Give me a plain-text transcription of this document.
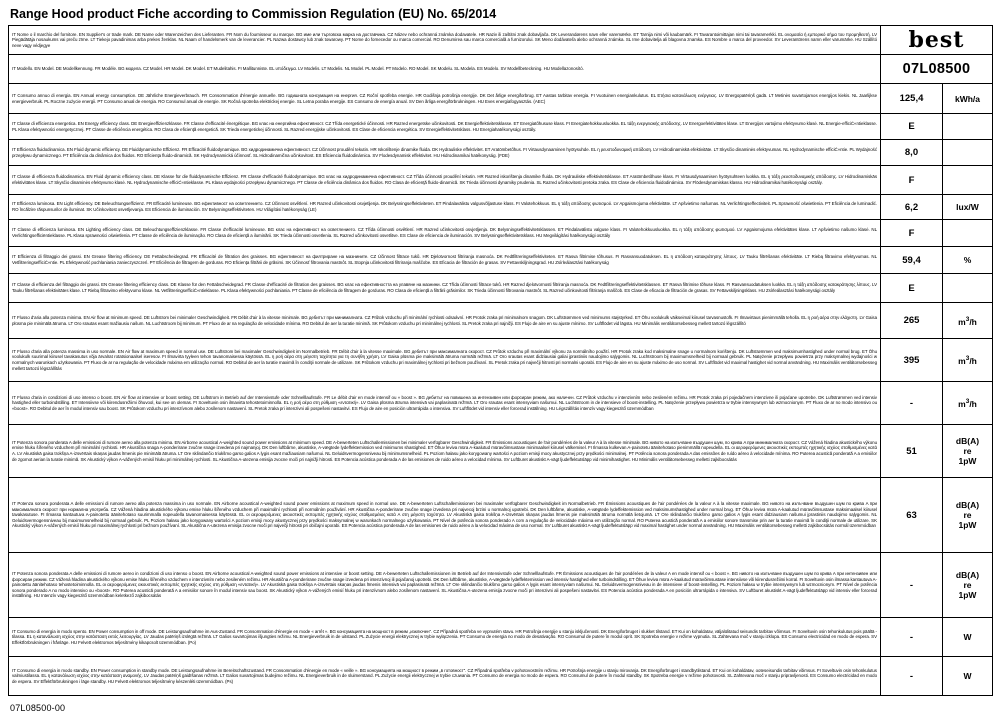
Range Hood product Fiche according to Commission Regulation (EU) No. 65/2014
IT Nome o il marchio del fornitore. EN Supplier's or trade mark. DE Name oder Warenzeichen des Lieferanten. FR Nom du fournisseur ou marque. BG име или търговска марка на доставчика. CZ Název nebo ochranná známka dodavatele. HR Naziv ili zaštitni znak dobavljača. DK Leverandørens navn eller varemærke. ET Tarnija nimi või kaubamärk. FI Tavarantoimittajan nimi tai tavaramerkki. EL ονομασία ή εμπορικό σήμα του προμηθευτή. LV Piegādātāja nosaukums vai preču zīme. LT Tiekejo pavadinimas arba prekes ženklas. NL Naam of handelsmerk van de leverancier. PL Nazwa dostawcy lub znak towarowy. PT Nome do fornecedor ou marca comercial. RO Denumirea sau marca comercială a furnizorului. SK Meno dodávateľa alebo ochranná známka. SL Ime dobavitelja ali blagovna znamka. ES Nombre o marca del proveedor. SV Leverantörens namn eller varumärke. HU Szállító neve vagy védjegye	best	
IT Modello. EN Model. DE Modellkennung. FR Modèle. BG модела. CZ Model. HR Model. DK Model. ET Mudelitahis. FI Mallitunniste. EL υπόδειγμα. LV Modelis. LT Modelis. NL Model. PL Model. PT Modelo. RO Model. SK Modelu. SL Modela. ES Modelo. SV Modellbeteckning. HU Modellazonosító.	07L08500	
IT Consumo annuo di energia. EN Annual energy consumption. DE Jährliche Energieverbrauch. FR Consommation d'énergie annuelle. BG годишната консумация на енергия. CZ Roční spotřeba energie. HR Godišnja potrošnja energije. DK Det årlige energiforbrug. ET Aastas tarbitav energia. FI Vuotuinen energiankulutus. EL Ετήσια κατανάλωση ενέργειας. LV Energopatēriņš gadā. LT Metinės suvartojamos energijos kiekis. NL Jaarlijkse energieverbruik. PL Roczne zużycie energii. PT Consumo anual de energia. RO Consumul anual de energie. SK Ročná spotreba elektrickej energie. SL Letna poraba energije. ES Consumo de energía anual. SV Den årliga energiförbrukningen. HU Eves energiafogyasztás. (AEC)	125,4	kWh/a
IT Classe di efficienza energetica. EN Energy efficiency class. DE Energieeffizienzklasse. FR Classe d'efficacité énergétique. BG клас на енергийна ефективност. CZ Třída energetické účinnosti. HR Razred energetske učinkovitosti. DK Energieffektivitetsklasse. ET Energiatõhususe klass. FI Energiatehokkuusluokka. EL τάξη ενεργειακής απόδοσης. LV Energoefektivitātes klase. LT Energijos vartojimo efektyvumo klasė. NL Energie-efficiĆ«ntieklasse. PL Klasa efektywności energetycznej. PT Classe de eficiência energética. RO Clasa de eficienţă energetică. SK Trieda energetickej účinnosti. SL Razred energijske učinkovitosti. ES Clase de eficiencia energética. SV Energieffektivitetsklass. HU Energiahatékonysági osztály.	E	
IT Efficienza fluidodinamica. EN Fluid dynamic efficiency. DE Fluiddynamische Effizienz. FR Efficacité fluidodynamique. BG хидродинамична ефективност. CZ Účinnost proudění tekutin. HR Iskorištenje dinamike fluida. DK Hydrauliske effektivitet. ET Aratömbetõhus. FI Virtausdynaaminen hyötysuhde. EL η ρευστοδυναμική απόδοση. LV Hidrodinamiskā efektivitāte. LT Skysčio dinaminės efektyvumas. NL Hydrodynamische efficiĆ«ntie. PL Wydajność przepływu dynamicznego. PT Eficiência da dinâmica dos fluidos. RO Eficienţa fluido-dinamică. SK Hydrodynamická účinnosť. SL Hidrodinamična učinkovitost. ES Eficiencia fluidodinámica. SV Flodesdynamisk effektivitet. HU Hidrodinamikai hatékonyság. (FDE)	8,0	
IT Classe di efficienza fluidodinamica. EN Fluid dynamic efficiency class. DE Klasse für die fluiddynamische Effizienz. FR Classe d'efficacité fluidodynamique. BG клас на хидродинамична ефективност. CZ Třída účinnosti proudění tekutin. HR Razred iskorištenja dinamike fluida. DK Hydrauliske effektivitetsklasse. ET Aratömbetõhuse klass. FI Virtausdynaamisen hyötysuhteen luokka. EL η τάξη ρευστοδυναμικής απόδοσης. LV Hidrodinamiskās efektivitātes klase. LT Skysčio dinaminės efektyvumo klasė. NL Hydrodynamische efficiĆ«ntieklasse. PL Klasa wydajności przepływu dynamicznego. PT Classe de eficiência dinâmica dos fluidos. RO Clasa de eficienţă fluido-dinamică. SK Trieda účinnosti dynamiky prudenia. SL Razred učinkovitosti pretoka zraka. ES Clase de eficiencia fluidodinámica. SV Flödesdynamiskas klasso. HU Hidrodinamikai hatékonysági osztály.	F	
IT Efficienza luminosa. EN Light efficiency. DE Beleuchtungseffizienz. FR Efficacité lumineuse. BG ефективност на осветлението. CZ Účinnost osvětlení. HR Razred učinkovitosti osvjetljenja. DK Belysningseffektiviteten. ET Pindalavälistu valgusvõljastuse klass. FI Valotehokkuus. EL η τάξη απόδοσης φωτισμού. LV Apgaismojuma efektivitāte. LT Apšvietimo našumas. NL Verlichtingseffectiviteit. PL Sprawność oświetlenia. PT Eficiência de luminadić. RO Încălzire răspunsurilor de iluminat. SK Učinkovitost osvetljevanja. ES Eficiencia de iluminación. SV Belysningseffektiviteten. HU Világítási hatékonyság (LE)	6,2	lux/W
IT Classe di efficienza luminosa. EN Lighting efficiency class. DE Beleuchtungseffizienzklasse. FR Classe d'efficacité lumineuse. BG клас на ефективност на осветлението. CZ Třída účinnosti osvětlení. HR Razred učinkovitosti osvjetljenja. DK Belysningseffektivitetsklassen. ET Pindalavälistu valguse klass. FI Valotehokkuusluokka. EL η τάξη απόδοσης φωτισμού. LV Apgaismojuma efektivitātes klase. LT Apšvietimo našumo klasė. NL Verlichtingsefficiëntieklasse. PL Klasa sprawności oświetlenia. PT Classe de eficiência de iluminação. RO Clasa de eficienţă a iluminării. SK Trieda účinnosti osvetlenia. SL Razred učinkovitosti osvetlitve. ES Clase de eficiencia de iluminación. SV Belysningseffektivitetsklass. HU Megvilágítási hatékonysági osztály	F	
IT Efficienza di filtraggio dei grassi. EN Grease filtering efficiency. DE Fettabscheidegrad. FR Efficacité de filtration des graisses. BG ефективност на филтриране на мазнините. CZ Účinnost filtrace tuků. HR Djelotvornost filtriranja masnoća. DK Fedtfiltreringseffektiviteten. ET Rasva filtrimise tõhusus. FI Rasvansuodatuksen. EL η απόδοση κατακράτησης λίπους. LV Tauku filtrēšanas efektivitāte. LT Riebą filtravimo efektyvumas. NL VetfiltreringsefficiĆ«ntie. PL Efektywność pochlaniania zanieczyszczeń. PT Eficiência de filtragem de gorduras. RO Eficienţa filtrării de grăsimi. SK Účinnosť filtrovania mastnôt. SL Stopnja učinkovitosti filtriranja maščobe. ES Eficacia de filtración de grasas. SV Fettavskiljningsgrad. HU Zsírleálasztási hatékonyság	59,4	%
IT Classe di efficienza del filtraggio dei grassi. EN Grease filtering efficiency class. DE Klasse für den Fettabscheidegrad. FR Classe d'efficacité de filtration des graisses. BG клас на ефективността на улавяне на мазнини. CZ Třída účinnosti filtrace tuků. HR Razred djelotvornosti filtriranja masnoća. DK Fedtfiltreringseffektivitetsklassen. ET Rasva filtrimise tõhuse klass. FI Rasvansuodatuksen luokka. EL η τάξη απόδοσης κατακράτησης λίπους. LV Tauku filtrēšanas efektivitātes klase. LT Riebą filtravimo efektyvumo klase. NL VetfiltreringsefficiĆ«ntieklasse. PL Klasa efektywności pochlaniania. PT Classe de eficiência de filtragem de gorduras. RO Clasa de eficienţă a filtrării grăsimilor. SK Trieda účinnosti filtrovania mastnôt. SL Razred učinkovitosti filtriranja maščob. ES Clase de eficacia de filtración de grasas. SV Fettavskiljningsklass. HU Zsírleálasztási hatékonysági osztály	E	
IT Flusso d'aria alla potenza minima. EN Air flow at minimum speed. DE Luftstrom bei minimaler Geschwindigkeit. FR Débit d'air à la vitesse minimale. BG дебитът при минималната. CZ Průtok vzduchu při minimální rychlosti odsaávní. HR Protok zraka pri minimalnom snagom. DK Luftstrømmen ved minimums støjstyrked. ET Õhu voolukulk väikseimal kiirusel tarvasnustofk. FI Ilmavirtaus pienimmällä teholla. EL η ροή αέρα στην ελάχιστη. LV Gaisa plūsma pie minimālā ātruma. LT Oro srautas esant mažiausiu našum. NL Luchtstroom bij minimum. PT Fluxo de ar na regulação de velocidade mínima. RO Debitul de aer la turatie minimă. SK Průtokom vzduchu pri minimálnej rychlosti. SL Pretok zraka pri najnižji. ES Flujo de aire en su ajuste mínimo. SV Luftflödet vid lägsta. HU Minimális ventilátorsebesseg mellett tartozó légszállító	265	$m^3/h$
IT Flusso d'aria alla potenza massima in uso normale. EN Air flow at maximum speed in normal use. DE Luftstrom bei maximaler Geschwindigkeit im Normalbetrieb. FR Débit d'air à la vitesse maximale. BG дебитът при максималната скорост. CZ Průtok vzduchu při maximální výkonu za normálního použití. HR Protok zraka kod maksimalne snage u normalnom korištenju. DK Luftstrømmen ved maksimumhastighed under normal brug. ET Õhu voolukulk suurimal kiirusel tavakasutus võja ärvalrat rotatsionaalsel iseresov. FI Ilmavirta tyyleen tehon tavanomaisessa käytössä. EL η ροή αέρα στη μέγιστη ταχύτητα για τη συνήθη χρήση. LV Gaisa plūsma pie maksimālā ātruma normālā režīmā. LT Oro srautas esant didziausiai galiai įprastiniis naudojimo sąlygomis. NL Luchtstroom bij maximumsnelheid bij normaal gebruik. PL Natężenie przepływu powietrza przy maksymalnej wydajności w normalnych warunkach użytkowania. PT Fluxo de ar na regulação de velocidade máxima em utilização normal. RO Debitul de aer la turatie maximă în condiţii normale de utilizare. SK Průtokom vzduchu pri maximálnej rychlosti pri bežnom používaní. SL Pretok zraka pri največji hitrosti pri normalni uporabi. ES Flujo de aire en su ajuste máximo de uso normal. SV Luftflödet vid maximal hastighet vid normal användning. HU Maximális ventilátorsebesseg mellett tartozó légszállítás	395	$m^3/h$
IT Flusso d'aria in condizioni di uso intenso o boost. EN Air flow at intensive or boost setting. DE Luftstrom in Betrieb auf der Intensivstufe oder Schnelllaufstufe. FR Le débit d'air en mode intensif ou « boost ». BG дебитът на повишена за интензивен или форсиран режим, ако наличен. CZ Průtok vzduchu v intenzivním nebo zesileném režimu. HR Protok zraka pri pojedačnem intenzivne ili pojaćane upotrebe. DK Luftstrømmen ved intensiv hastighed eller turboindstilling. ET Intensiivse või kiirendusrežiimi õhuvool, kui see on olemas. FI Soveltuvin osin ilmavirta tehostetoiminnolla. EL η ροή αέρα στη ρύθμιση «εντατική». LV Gaisa plūsma ātruma intensivā vai paplasinatā režīmā. LT Oro srautas esant intensyviam našumui. NL Luchtstroom in de intensieve of boost-instelling. PL Natężenie przepływu powietrza w trybie intensywnym lub wzmocnionym. PT Fluxo de ar no modo intensivo ou «boost». RO Debitul de aer în modul intensiv sau boost. SK Průtokom vzduchu pri intenzívnom alebo zosílenom nastavení. SL Pretok zraka pri intenzivni ali pospešeni nastavitvi. ES Flujo de aire en posición ultrarrápida o intensiva. SV Luftflödet vid intensiv eller forcerad inställning. HU Légszállítás intenzív vagy kiegeszitő üzemmódban	-	$m^3/h$
IT Potenza sonora ponderata A delle emissioni di rumore aereo alla potenza minima. EN Airborne acoustical A-weighted sound power emissions at minimum speed. DE A-bewerteten Luftschallemissionen bei minimaler verfügbarer Geschwindigkeit. FR Émissions acoustiques de l'air pondérées de la valeur A à la vitesse minimale. BG нивото на излъчване въздушен шум, по крива A при минималната скорост. CZ Vážená hladina akustického výkonu emise hluku šířeného vzduchem při minimální rychlosti. HR Akustična snaga A-ponderirane zvučne snage izvedena pri najmanjoj. DK Den luftbårne, akustiske, A-vægtede lydeffektemission ved minimums shastighed. ET Õhuv leviva müra A-kaalutud müravõimsustase minimaalsel kiirusel välkemisel. FI Ilmassa kulkevan A-painotetu äänitehotaso pienimmällä nopeudella. EL οι αεροφερόμενες ακουστικές εκπομπές ηχητικής ισχύος σταθμισμένες κατά A. LV Akustiskā gaisa trokšņa A-izsvērtais skaņas jaudas līmenis pie minimālā ātruma. LT Ore sklindančio triukšmo garso galios A lygis esant mažiausiam našumui. NL Geluidsvermogensniveau bij minimumsnelheid. PL Poziom hałasu jako korygowany wartości A poziom emisji mocy akustycznej przy prędkości minimalnej. PT Potência sonora ponderada A das emissões de ruído aéreo à velocidade mínima. RO Puterea acustică ponderată A a emisiilor de zgomot aerian la turatie minimă. SK Akustický výkon A-vážených emisií hluku pri minimálnej rychlosti. SL Akustična A-utezena emisija zvocne moči pri najnižji hitrosti. ES Potencia acústica ponderada A de las emisiones de ruido aéreo a velocidad mínima. SV Luftburet akustiskt A-vägt ljudeffektutsläpp vid minimihastighet. HU Minimális ventilátorsebesseg melletti zajkibocsátás	51	dB(A)
re
1pW
IT Potenza sonora ponderata A delle emissioni di rumore aereo alla potenza massima in uso normale. EN Airborne acoustical A-weighted sound power emissions at maximum speed in normal use. DE A-bewerteten Luftschallemissionen bei maximaler verfügbarer Geschwindigkeit im Normalbetrieb. FR Émissions acoustiques de l'air pondérées de la valeur A à la vitesse maximale. BG нивото на излъчване въздушен шум по крива A при максималната скорост при нормална употреба. CZ Vážená hladina akustického výkonu emise hluku šířeného vzduchem při maximální rychlosti při normálním použivání. HR Akustična A-ponderirane zvučne snage izvedena pri najvecoj brzini u normalnoj upotrebi. DK Den luftbårne, akustiske, A-vægtede lydeffektemission ved maksimumshastighed under normal brug. ET Õhuv leviva müra A-kaalutud müravõimsustase maksimaalsel kiirusel tavakasutuse. FI Ilmassa kantautuva A-painotettu äänitehotaso suurimmalla nopeudella tavanomaisessa käytössä. EL οι αεροφερόμενες ακουστικές εκπομπές ηχητικής ισχύος σταθμισμένες κατά A στη μέγιστη ταχύτητα. LV Akustiskā gaisa trokšņa A-izsvērtais skaņas jaudas līmenis pie maksimālā ātruma normālā lietojumā. LT Ore sklindančio triukšmo garso galios A lygis esant didziausiam našumui įprastiniis naudojimo sąlygomis. NL Geluidsvermogensniveau bij maximumsnelheid bij normaal gebruik. PL Poziom hałasu jako korygowany wartości A poziom emisji mocy akustycznej przy prędkości maksymalnej w warunkach normalnego użytkowania. PT Nível de potência sonora ponderado A com a regulação de velocidade máxima em utilização normal. RO Puterea acustică ponderată A a emisiilor sonore transmise prin aer la turatie maximă în condiţii normale de utilizare. SK Akustický výkon A-vážených emisií hluku pri maximálnej rychlosti pri bežnom používaní. SL Akustična A-utezena emisija zvocne moči pri največji hitrosti pri običajni uporabi. ES Potencia acústica ponderada A de las emisiones de ruido aéreo a la velocidad máxima de uso normal. SV Luftburet akustiskt A-vägt ljudeffektutsläpp vid maximal hastighet under normal användning. HU Maximális ventilátorsebesseg melletti zajkibocsátás normál üzemmódban	63	dB(A)
re
1pW
IT Potenza sonora ponderata A delle emissioni di rumore aereo in condizioni di uso intenso o boost. EN Airborne acoustical A-weighted sound power emissions at intensive or boost setting. DE A-bewerteten Luftschallemissionen im Betrieb auf der Intensivstufe oder Schnelllaufstufe. FR Émissions acoustiques de l'air pondérées de la valeur A en mode intensif ou « boost ». BG нивото на излъчване въздушен шум по крива A при интензивен или форсиран режим. CZ Vážená hladina akustického výkonu emise hluku šířeného vzduchem v intenzivním nebo zesileném režimu. HR Akustična A-ponderirane zvučne snage izvedena pri intenzivnoj ili pojačanoj upotrebi. DK Den luftbårne, akustiske, A-vægtede lydeffektemission ved intensiv hastighed eller turboindstilling. ET Õhuv leviva müra A-kaalutud müravõimsustase intensiivse või kiirendusrežiimi korral. FI Soveltuvin osin ilmassa kantautuva A-painotettu äänitehotaso tehostetoiminnolla. EL οι αεροφερόμενες ακουστικές εκπομπές ηχητικής ισχύος στη ρύθμιση «εντατική». LV Akustiskā gaisa trokšņa A-izsvērtais skaņas jaudas līmenis intensivā vai paplasinatā režīmā. LT Ore sklindančio triukšmo garso galios A lygis esant intensyviam našumui. NL Geluidsvermogensniveau in de intensieve of boost-instelling. PL Poziom hałasu w trybie intensywnym lub wzmocnionym. PT Nível de potência sonora ponderado A no modo intensivo ou «boost». RO Puterea acustică ponderată A a emisiilor sonore în modul intensiv sau boost. SK Akustický výkon A-vážených emisií hluku pri intenzívnom alebo zosílenom nastavení. SL Akustična A-utezena emisija zvocne moči pri intenzivni ali pospešeni nastavitvi. ES Potencia acústica ponderada A en posición ultrarrápida o intensiva. SV Luftburet akustiskt A-vägt ljudeffektutsläpp vid intensiv eller forcerad inställning. HU Intenzív vagy kiegeszitő üzemmódban keletkező zajkibocsátás	-	dB(A)
re
1pW
IT Consumo di energia in modo spento. EN Power consumption in off mode. DE Leistungsaufnahme im Aus-Zustand. FR Consommation d'énergie en mode « arrêt ». BG консумацията на мощност в режим „изключен“. CZ Případná spotřeba ve vypnutém stavu. HR Potrošnja energije u stanju isključenosti. DK Energiforbruget i slukket tilstand. ET Kui on kohaldatav, väljalülitatud seisundis tarbitav võimsus. FI Soveltuvin osin tehonkulutus pois päältä -tilassa. EL η κατανάλωση ισχύος στην κατάσταση εκτός λειτουργίας. LV Jaudas patēriņš izslēgtā režīmā. LT Galios suvartojimas išjungties režimu. NL Energieverbruik in de uitstand. PL Zużycie energii elektrycznej w trybie wyłączenia. PT Consumo de energia no modo de desativação. RO Consumul de putere în modul oprit. SK Spotreba energie v režime vypnutia. SL Zahtevana moč v stanju izklopa. ES Consumo electricidad en modo de espera. SV Effektförbrukningen i frånläge. HU Felvett elektromos teljesítmény kikapcsolt üzemmódban. (Po)	-	W
IT Consumo di energia in modo standby. EN Power consumption in standby mode. DE Leistungsaufnahme im Bereitschaftszustand. FR Consommation d'énergie en mode « veille ». BG консумацията на мощност в режим „в готовност“. CZ Případná spotřeba v pohotovostním režimu. HR Potrošnja energije u stanju mirovanja. DK Energiforbruget i standbytilstand. ET Kui on kohaldatav, ooteseisundis tarbitav võimsus. FI Soveltuvin osin tehonkulutus valmiustilassa. EL η κατανάλωση ισχύος στην κατάσταση αναμονής. LV Jaudas patēriņš gaidīšanas režīmā. LT Galios suvartojimas budejimo režimu. NL Energieverbruik in de sluimerstand. PL Zużycie energii elektrycznej w trybie czuwania. PT Consumo de energia no modo de espera. RO Consumul de putere în modul standby. SK Spotreba energie v režime pohotovosti. SL Zahtevana moč v stanju pripravljenosti. ES Consumo electricidad en modo de espera. SV Effektförbrukningen i läge standby. HU Felvett elektromos teljesítmény készenléti üzemmódban. (Ps)	-	W
07L08500-00
